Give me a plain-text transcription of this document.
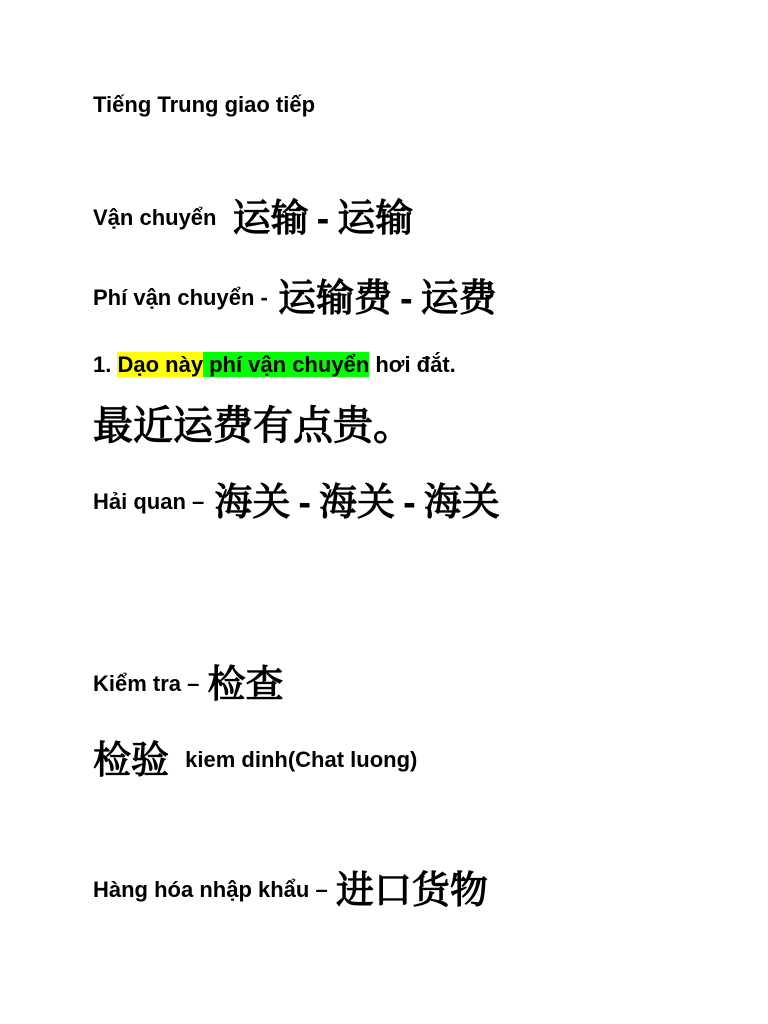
Tiếng Trung giao tiếp
Vận chuyển 运输 - 运输
Phí vận chuyển - 运输费 - 运费
1. Dạo này phí vận chuyển hơi đắt.
最近运费有点贵。
Hải quan – 海关 - 海关 - 海关
Kiểm tra – 检查
检验 kiem dinh(Chat luong)
Hàng hóa nhập khẩu – 进口货物
